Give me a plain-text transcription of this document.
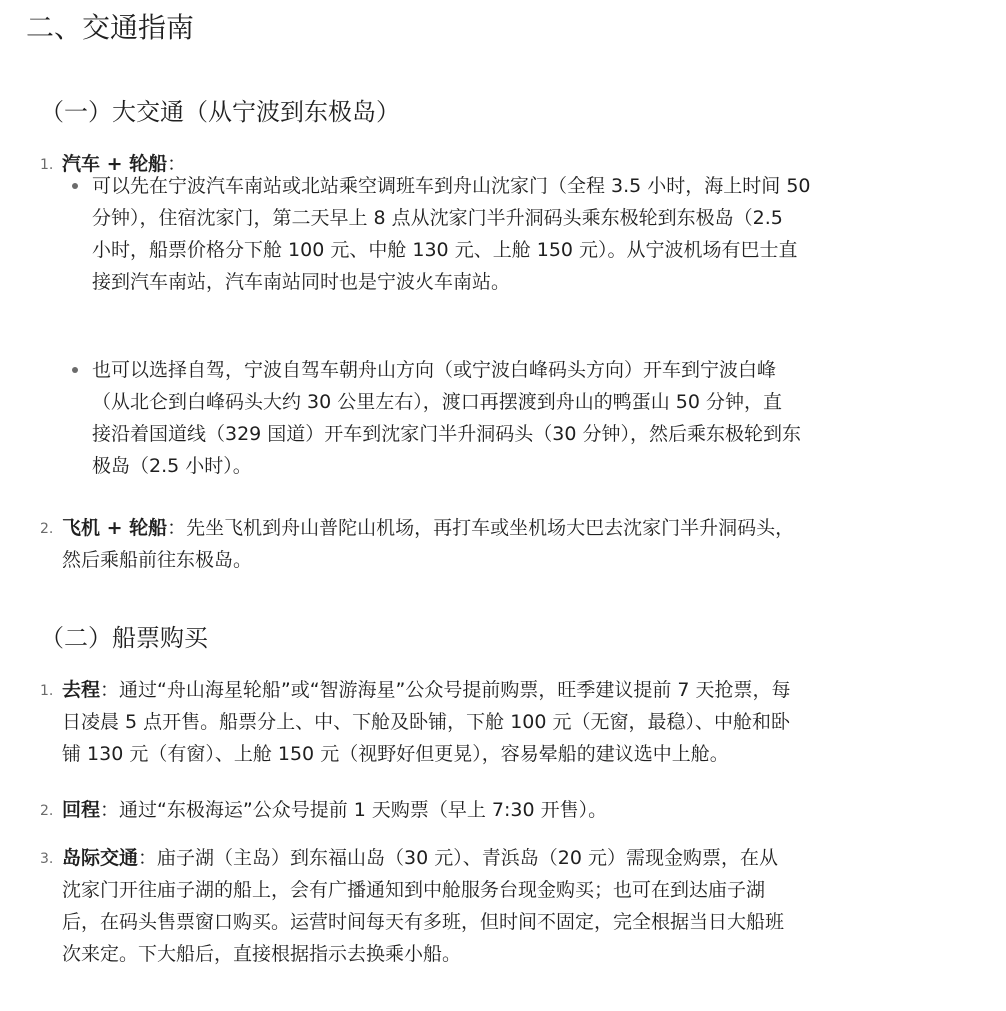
二、交通指南
（一）大交通（从宁波到东极岛）
1. 汽车 + 轮船：
可以先在宁波汽车南站或北站乘空调班车到舟山沈家门（全程 3.5 小时，海上时间 50
分钟），住宿沈家门，第二天早上 8 点从沈家门半升洞码头乘东极轮到东极岛（2.5
小时，船票价格分下舱 100 元、中舱 130 元、上舱 150 元）。从宁波机场有巴士直
接到汽车南站，汽车南站同时也是宁波火车南站。
也可以选择自驾，宁波自驾车朝舟山方向（或宁波白峰码头方向）开车到宁波白峰
（从北仑到白峰码头大约 30 公里左右），渡口再摆渡到舟山的鸭蛋山 50 分钟，直
接沿着国道线（329 国道）开车到沈家门半升洞码头（30 分钟），然后乘东极轮到东
极岛（2.5 小时）。
2. 飞机 + 轮船：先坐飞机到舟山普陀山机场，再打车或坐机场大巴去沈家门半升洞码头，
然后乘船前往东极岛。
（二）船票购买
1. 去程：通过“舟山海星轮船”或“智游海星”公众号提前购票，旺季建议提前 7 天抢票，每
日凌晨 5 点开售。船票分上、中、下舱及卧铺，下舱 100 元（无窗，最稳）、中舱和卧
铺 130 元（有窗）、上舱 150 元（视野好但更晃），容易晕船的建议选中上舱。
2. 回程：通过“东极海运”公众号提前 1 天购票（早上 7:30 开售）。
3. 岛际交通：庙子湖（主岛）到东福山岛（30 元）、青浜岛（20 元）需现金购票，在从
沈家门开往庙子湖的船上，会有广播通知到中舱服务台现金购买；也可在到达庙子湖
后，在码头售票窗口购买。运营时间每天有多班，但时间不固定，完全根据当日大船班
次来定。下大船后，直接根据指示去换乘小船。
